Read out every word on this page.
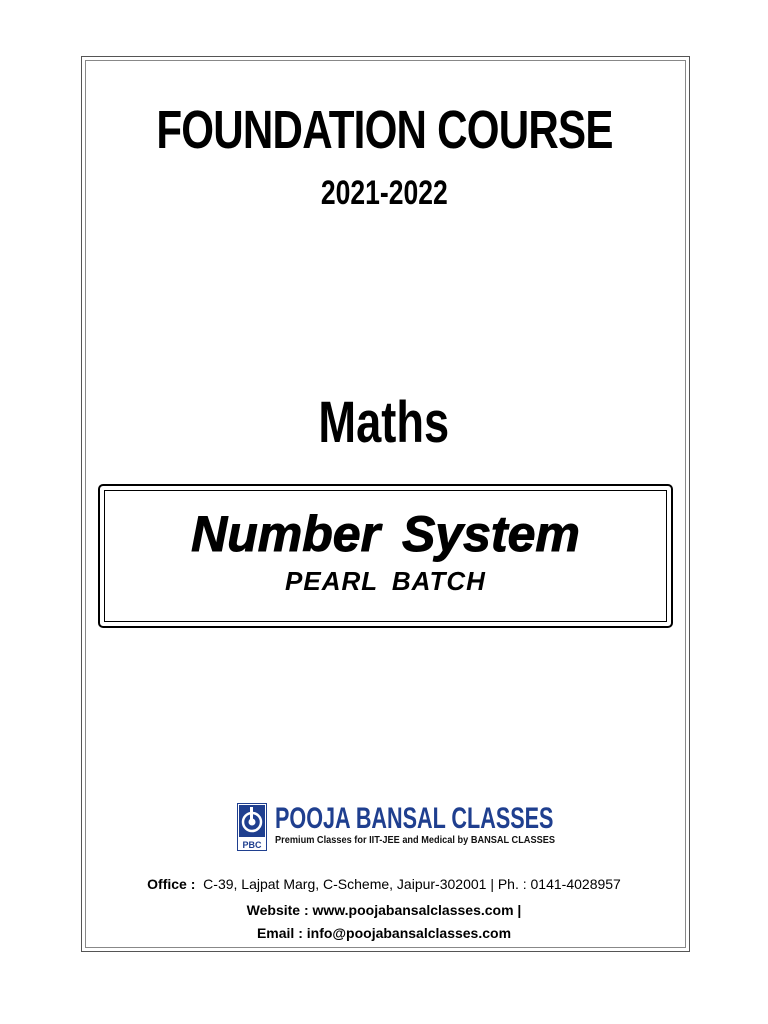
FOUNDATION COURSE
2021-2022
Maths
Number System
PEARL BATCH
PBC
POOJA BANSAL CLASSES
Premium Classes for IIT-JEE and Medical by BANSAL CLASSES
Office : C-39, Lajpat Marg, C-Scheme, Jaipur-302001 | Ph. : 0141-4028957
Website : www.poojabansalclasses.com |
Email : info@poojabansalclasses.com
